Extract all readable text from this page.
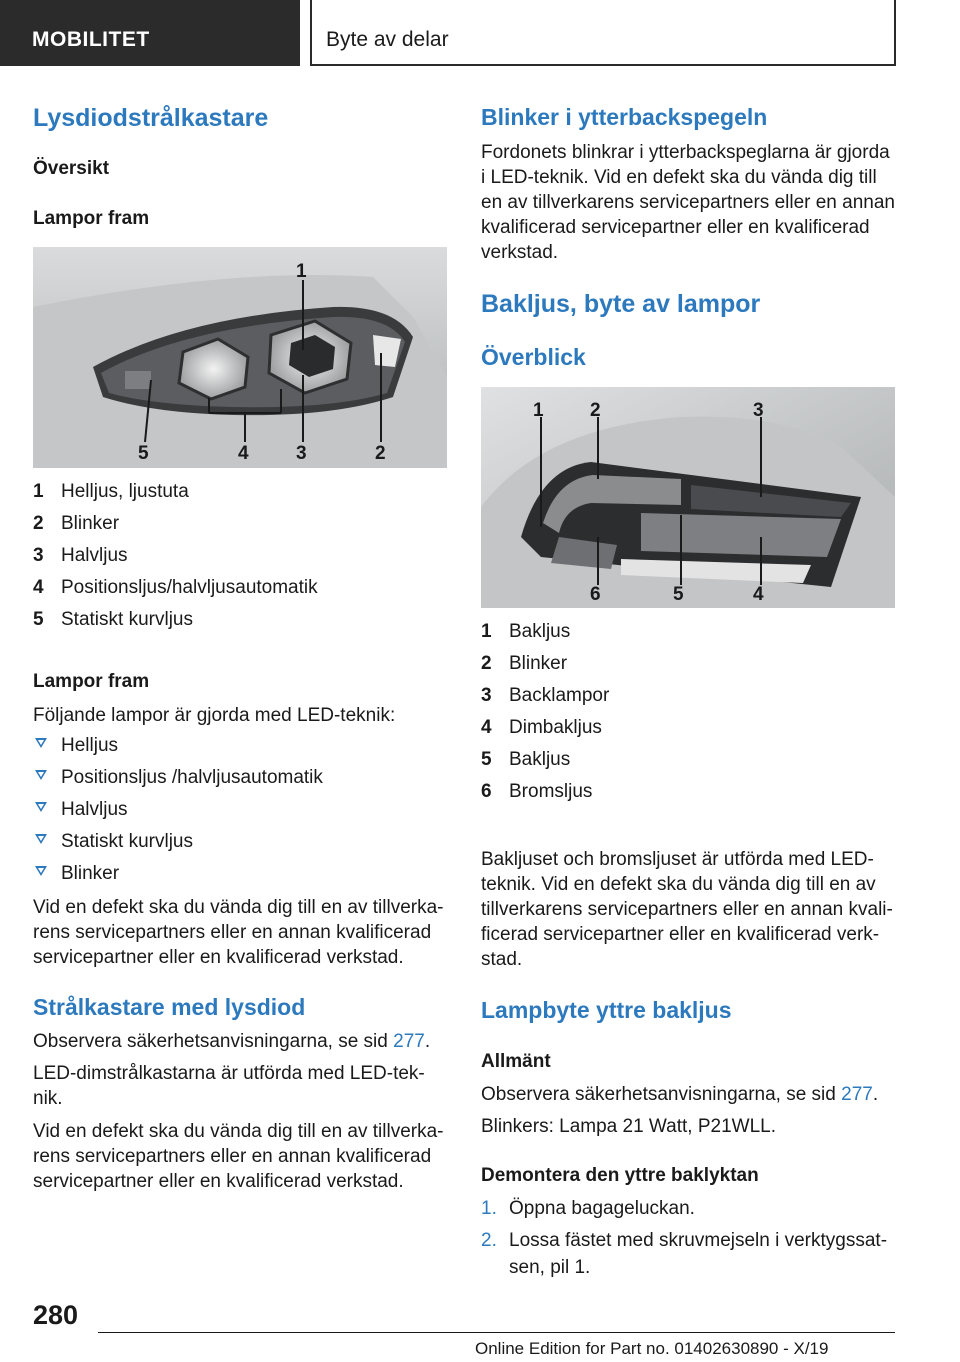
MOBILITET	Byte av delar
Lysdiodstrålkastare
Översikt
Lampor fram
1
5	4 3	2
1 Helljus, ljustuta
2 Blinker
3 Halvljus
4 Positionsljus/halvljusautomatik
5 Statiskt kurvljus
Lampor fram
Följande lampor är gjorda med LED-teknik:
Helljus
Positionsljus /halvljusautomatik
Halvljus
Statiskt kurvljus
Blinker
Vid en defekt ska du vända dig till en av tillverka‐
rens servicepartners eller en annan kvalificerad
servicepartner eller en kvalificerad verkstad.
Strålkastare med lysdiod
Observera säkerhetsanvisningarna, se sid 277.
LED-dimstrålkastarna är utförda med LED-tek‐
nik.
Vid en defekt ska du vända dig till en av tillverka‐
rens servicepartners eller en annan kvalificerad
servicepartner eller en kvalificerad verkstad.
Blinker i ytterbackspegeln
Fordonets blinkrar i ytterbackspeglarna är gjorda
i LED-teknik. Vid en defekt ska du vända dig till
en av tillverkarens servicepartners eller en annan
kvalificerad servicepartner eller en kvalificerad
verkstad.
Bakljus, byte av lampor
Överblick
1 2	3
6	5	4
1 Bakljus
2 Blinker
3 Backlampor
4 Dimbakljus
5 Bakljus
6 Bromsljus
Bakljuset och bromsljuset är utförda med LED-
teknik. Vid en defekt ska du vända dig till en av
tillverkarens servicepartners eller en annan kvali‐
ficerad servicepartner eller en kvalificerad verk‐
stad.
Lampbyte yttre bakljus
Allmänt
Observera säkerhetsanvisningarna, se sid 277.
Blinkers: Lampa 21 Watt, P21WLL.
Demontera den yttre baklyktan
1. Öppna bagageluckan.
2. Lossa fästet med skruvmejseln i verktygssat‐
sen, pil 1.
280
Online Edition for Part no. 01402630890 - X/19
